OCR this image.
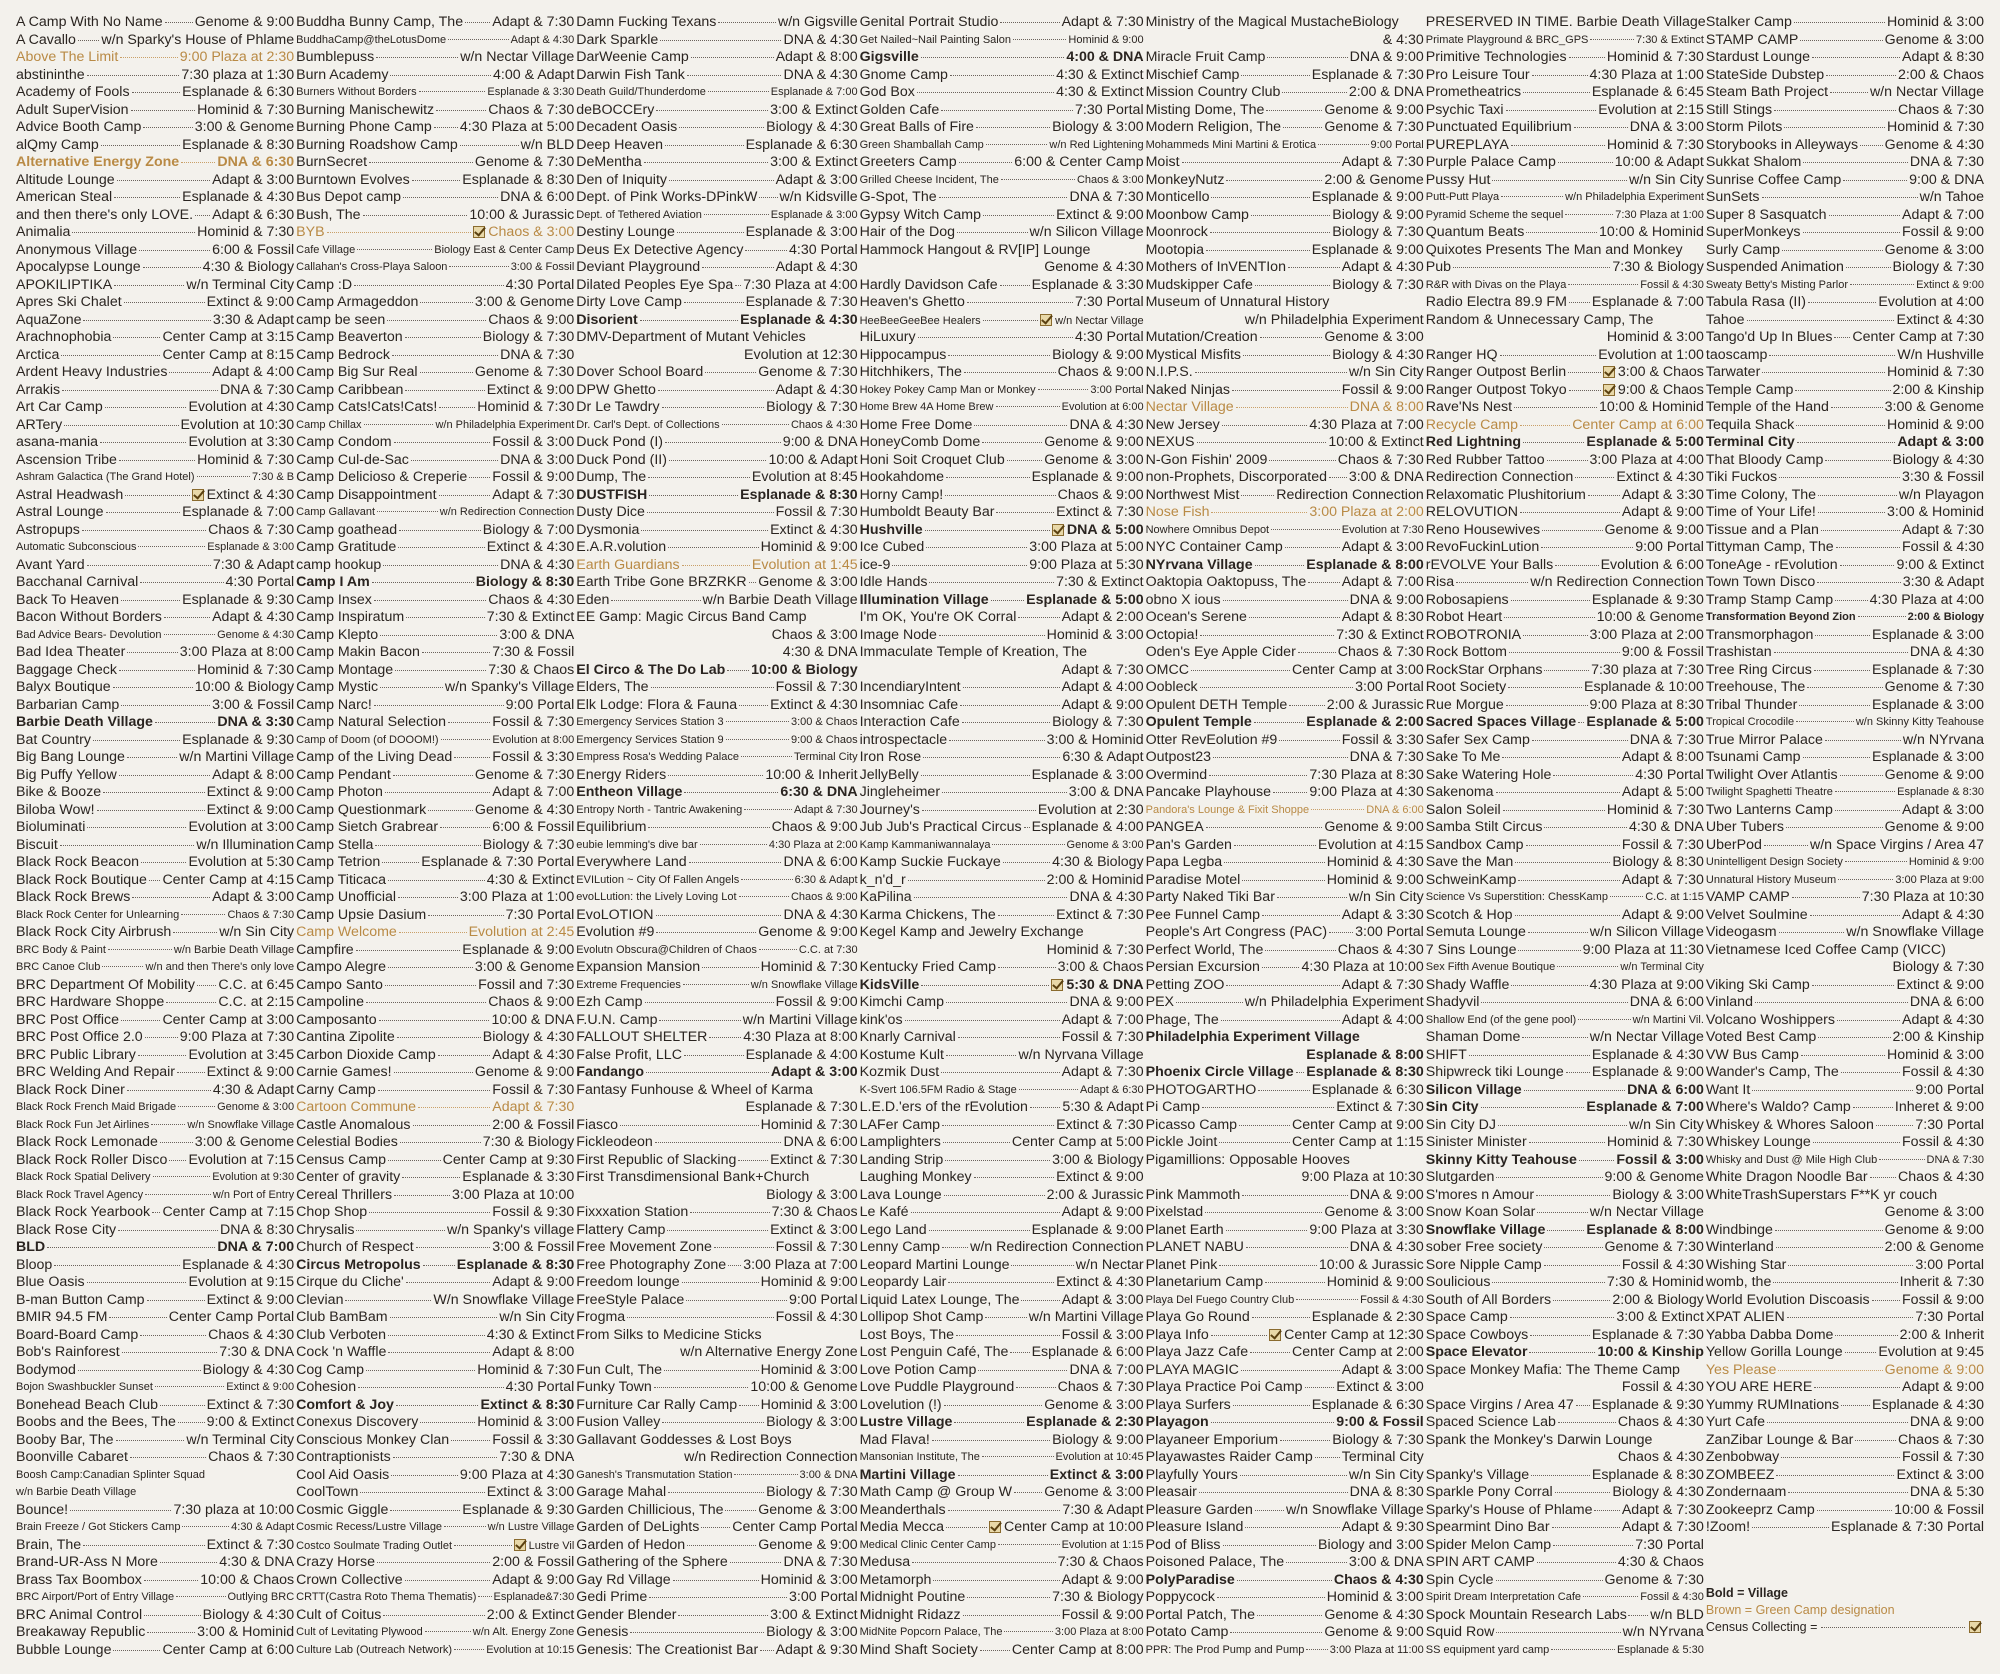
A Camp With No Name Genome & 9:00
A Cavallo w/n Sparky's House of Phlame
Above The Limit	9:00 Plaza at 2:30
abstininthe	7:30 plaza at 1:30
Academy of Fools	Esplanade & 6:30
Adult SuperVision	Hominid & 7:30
Advice Booth Camp	3:00 & Genome
alQmy Camp	Esplanade & 8:30
Alternative Energy Zone	DNA & 6:30
Altitude Lounge	Adapt & 3:00
American Steal	Esplanade & 4:30
and then there's only LOVE. Adapt & 6:30
Animalia	Hominid & 7:30
Anonymous Village	6:00 & Fossil
Apocalypse Lounge	4:30 & Biology
APOKILIPTIKA	w/n Terminal City
Apres Ski Chalet	Extinct & 9:00
AquaZone	3:30 & Adapt
Arachnophobia	Center Camp at 3:15
Arctica	Center Camp at 8:15
Ardent Heavy Industries	Adapt & 4:00
Arrakis	DNA & 7:30
Art Car Camp	Evolution at 4:30
ARTery	Evolution at 10:30
asana-mania	Evolution at 3:30
Ascension Tribe	Hominid & 7:30
Ashram Galactica (The Grand Hotel)	7:30 & B
Astral Headwash	Extinct & 4:30
Astral Lounge	Esplanade & 7:00
Astropups	Chaos & 7:30
Automatic Subconscious	Esplanade & 3:00
Avant Yard	7:30 & Adapt
Bacchanal Carnival	4:30 Portal
Back To Heaven	Esplanade & 9:30
Bacon Without Borders	Adapt & 4:30
Bad Advice Bears- Devolution	Genome & 4:30
Bad Idea Theater	3:00 Plaza at 8:00
Baggage Check	Hominid & 7:30
Balyx Boutique	10:00 & Biology
Barbarian Camp	3:00 & Fossil
Barbie Death Village	DNA & 3:30
Bat Country	Esplanade & 9:30
Big Bang Lounge	w/n Martini Village
Big Puffy Yellow	Adapt & 8:00
Bike & Booze	Extinct & 9:00
Biloba Wow!	Extinct & 9:00
Bioluminati	Evolution at 3:00
Biscuit	w/n Illumination
Black Rock Beacon	Evolution at 5:30
Black Rock Boutique Center Camp at 4:15
Black Rock Brews	Adapt & 3:00
Black Rock Center for Unlearning	Chaos & 7:30
Black Rock City Airbrush	w/n Sin City
BRC Body & Paint	w/n Barbie Death Village
BRC Canoe Club	w/n and then There's only love
BRC Department Of Mobility C.C. at 6:45
BRC Hardware Shoppe	C.C. at 2:15
BRC Post Office	Center Camp at 3:00
BRC Post Office 2.0	9:00 Plaza at 7:30
BRC Public Library	Evolution at 3:45
BRC Welding And Repair Extinct & 9:00
Black Rock Diner	4:30 & Adapt
Black Rock French Maid Brigade	Genome & 3:00
Black Rock Fun Jet Airlines	w/n Snowflake Village
Black Rock Lemonade	3:00 & Genome
Black Rock Roller Disco Evolution at 7:15
Black Rock Spatial Delivery	Evolution at 9:30
Black Rock Travel Agency	w/n Port of Entry
Black Rock Yearbook Center Camp at 7:15
Black Rose City	DNA & 8:30
BLD	DNA & 7:00
Bloop	Esplanade & 4:30
Blue Oasis	Evolution at 9:15
B-man Button Camp	Extinct & 9:00
BMIR 94.5 FM	Center Camp Portal
Board-Board Camp	Chaos & 4:30
Bob's Rainforest	7:30 & DNA
Bodymod	Biology & 4:30
Bojon Swashbuckler Sunset	Extinct & 9:00
Bonehead Beach Club	Extinct & 7:30
Boobs and the Bees, The 9:00 & Extinct
Booby Bar, The	w/n Terminal City
Boonville Cabaret	Chaos & 7:30
Boosh Camp:Canadian Splinter Squad
w/n Barbie Death Village
Bounce!	7:30 plaza at 10:00
Brain Freeze / Got Stickers Camp	4:30 & Adapt
Brain, The	Extinct & 7:30
Brand-UR-Ass N More	4:30 & DNA
Brass Tax Boombox	10:00 & Chaos
BRC Airport/Port of Entry Village	Outlying BRC
BRC Animal Control	Biology & 4:30
Breakaway Republic	3:00 & Hominid
Bubble Lounge	Center Camp at 6:00
Buddha Bunny Camp, The Adapt & 7:30
BuddhaCamp@theLotusDome	Adapt & 4:30
Bumblepuss	w/n Nectar Village
Burn Academy	4:00 & Adapt
Burners Without Borders	Esplanade & 3:30
Burning Manischewitz	Chaos & 7:30
Burning Phone Camp 4:30 Plaza at 5:00
Burning Roadshow Camp	w/n BLD
BurnSecret	Genome & 7:30
Burntown Evolves	Esplanade & 8:30
Bus Depot camp	DNA & 6:00
Bush, The	10:00 & Jurassic
BYB	Chaos & 3:00
Cafe Village	Biology East & Center Camp
Callahan's Cross-Playa Saloon	3:00 & Fossil
Camp :D	4:30 Portal
Camp Armageddon	3:00 & Genome
camp be seen	Chaos & 9:00
Camp Beaverton	Biology & 7:30
Camp Bedrock	DNA & 7:30
Camp Big Sur Real	Genome & 7:30
Camp Caribbean	Extinct & 9:00
Camp Cats!Cats!Cats!	Hominid & 7:30
Camp Chillax	w/n Philadelphia Experiment
Camp Condom	Fossil & 3:00
Camp Cul-de-Sac	DNA & 3:00
Camp Delicioso & Creperie Fossil & 9:00
Camp Disappointment	Adapt & 7:30
Camp Gallavant	w/n Redirection Connection
Camp goathead	Biology & 7:00
Camp Gratitude	Extinct & 4:30
camp hookup	DNA & 4:30
Camp I Am	Biology & 8:30
Camp Insex	Chaos & 4:30
Camp Inspiratum	7:30 & Extinct
Camp Klepto	3:00 & DNA
Camp Makin Bacon	7:30 & Fossil
Camp Montage	7:30 & Chaos
Camp Mystic	w/n Spanky's Village
Camp Narc!	9:00 Portal
Camp Natural Selection	Fossil & 7:30
Camp of Doom (of DOOOM!)	Evolution at 8:00
Camp of the Living Dead	Fossil & 3:30
Camp Pendant	Genome & 7:30
Camp Photon	Adapt & 7:00
Camp Questionmark	Genome & 4:30
Camp Sietch Grabrear	6:00 & Fossil
Camp Stella	Biology & 7:30
Camp Tetrion	Esplanade & 7:30 Portal
Camp Titicaca	4:30 & Extinct
Camp Unofficial	3:00 Plaza at 1:00
Camp Upsie Dasium	7:30 Portal
Camp Welcome	Evolution at 2:45
Campfire	Esplanade & 9:00
Campo Alegre	3:00 & Genome
Campo Santo	Fossil and 7:30
Campoline	Chaos & 9:00
Camposanto	10:00 & DNA
Cantina Zipolite	Biology & 4:30
Carbon Dioxide Camp	Adapt & 4:30
Carnie Games!	Genome & 9:00
Carny Camp	Fossil & 7:30
Cartoon Commune	Adapt & 7:30
Castle Anomalous	2:00 & Fossil
Celestial Bodies	7:30 & Biology
Census Camp	Center Camp at 9:30
Center of gravity	Esplanade & 3:30
Cereal Thrillers	3:00 Plaza at 10:00
Chop Shop	Fossil & 9:30
Chrysalis	w/n Spanky's village
Church of Respect	3:00 & Fossil
Circus Metropolus	Esplanade & 8:30
Cirque du Cliche'	Adapt & 9:00
Clevian	W/n Snowflake Village
Club BamBam	w/n Sin City
Club Verboten	4:30 & Extinct
Cock 'n Waffle	Adapt & 8:00
Cog Camp	Hominid & 7:30
Cohesion	4:30 Portal
Comfort & Joy	Extinct & 8:30
Conexus Discovery	Hominid & 3:00
Conscious Monkey Clan	Fossil & 3:30
Contraptionists	7:30 & DNA
Cool Aid Oasis	9:00 Plaza at 4:30
CoolTown	Extinct & 3:00
Cosmic Giggle	Esplanade & 9:30
Cosmic Recess/Lustre Village	w/n Lustre Village
Costco Soulmate Trading Outlet	Lustre Vil
Crazy Horse	2:00 & Fossil
Crown Collective	Adapt & 9:00
CRTT(Castra Roto Thema Thematis) Esplanade&7:30
Cult of Coitus	2:00 & Extinct
Cult of Levitating Plywood	w/n Alt. Energy Zone
Culture Lab (Outreach Network)	Evolution at 10:15
Damn Fucking Texans	w/n Gigsville
Dark Sparkle	DNA & 4:30
DarWeenie Camp	Adapt & 8:00
Darwin Fish Tank	DNA & 4:30
Death Guild/Thunderdome	Esplanade & 7:00
deBOCCEry	3:00 & Extinct
Decadent Oasis	Biology & 4:30
Deep Heaven	Esplanade & 6:30
DeMentha	3:00 & Extinct
Den of Iniquity	Adapt & 3:00
Dept. of Pink Works-DPinkW w/n Kidsville
Dept. of Tethered Aviation	Esplanade & 3:00
Destiny Lounge	Esplanade & 3:00
Deus Ex Detective Agency	4:30 Portal
Deviant Playground	Adapt & 4:30
Dilated Peoples Eye Spa 7:30 Plaza at 4:00
Dirty Love Camp	Esplanade & 7:30
Disorient	Esplanade & 4:30
DMV-Department of Mutant Vehicles
Evolution at 12:30
Dover School Board	Genome & 7:30
DPW Ghetto	Adapt & 4:30
Dr Le Tawdry	Biology & 7:30
Dr. Carl's Dept. of Collections	Chaos & 4:30
Duck Pond (I)	9:00 & DNA
Duck Pond (II)	10:00 & Adapt
Dump, The	Evolution at 8:45
DUSTFISH	Esplanade & 8:30
Dusty Dice	Fossil & 7:30
Dysmonia	Extinct & 4:30
E.A.R.volution	Hominid & 9:00
Earth Guardians	Evolution at 1:45
Earth Tribe Gone BRZRKR Genome & 3:00
Eden	w/n Barbie Death Village
EE Gamp: Magic Circus Band Camp
Chaos & 3:00
4:30 & DNA
El Circo & The Do Lab 10:00 & Biology
Elders, The	Fossil & 7:30
Elk Lodge: Flora & Fauna Extinct & 4:30
Emergency Services Station 3	3:00 & Chaos
Emergency Services Station 9	9:00 & Chaos
Empress Rosa's Wedding Palace	Terminal City
Energy Riders	10:00 & Inherit
Entheon Village	6:30 & DNA
Entropy North - Tantric Awakening	Adapt & 7:30
Equilibrium	Chaos & 9:00
eubie lemming's dive bar	4:30 Plaza at 2:00
Everywhere Land	DNA & 6:00
EVILution ~ City Of Fallen Angels	6:30 & Adapt
evoLLution: the Lively Loving Lot	Chaos & 9:00
EvoLOTION	DNA & 4:30
Evolution #9	Genome & 9:00
Evolutn Obscura@Children of Chaos	C.C. at 7:30
Expansion Mansion	Hominid & 7:30
Extreme Frequencies	w/n Snowflake Village
Ezh Camp	Fossil & 9:00
F.U.N. Camp	w/n Martini Village
FALLOUT SHELTER	4:30 Plaza at 8:00
False Profit, LLC	Esplanade & 4:00
Fandango	Adapt & 3:00
Fantasy Funhouse & Wheel of Karma
Esplanade & 7:30
Fiasco	Hominid & 7:30
Fickleodeon	DNA & 6:00
First Republic of Slacking Extinct & 7:30
First Transdimensional Bank+Church
Biology & 3:00
Fixxxation Station	7:30 & Chaos
Flattery Camp	Extinct & 3:00
Free Movement Zone	Fossil & 7:30
Free Photography Zone 3:00 Plaza at 7:00
Freedom lounge	Hominid & 9:00
FreeStyle Palace	9:00 Portal
Frogma	Fossil & 4:30
From Silks to Medicine Sticks
w/n Alternative Energy Zone
Fun Cult, The	Hominid & 3:00
Funky Town	10:00 & Genome
Furniture Car Rally Camp Hominid & 3:00
Fusion Valley	Biology & 3:00
Gallavant Goddesses & Lost Boys
w/n Redirection Connection
Ganesh's Transmutation Station	3:00 & DNA
Garage Mahal	Biology & 7:30
Garden Chillicious, The Genome & 3:00
Garden of DeLights Center Camp Portal
Garden of Hedon	Genome & 9:00
Gathering of the Sphere	DNA & 7:30
Gay Rd Village	Hominid & 3:00
Gedi Prime	3:00 Portal
Gender Blender	3:00 & Extinct
Genesis	Biology & 3:00
Genesis: The Creationist Bar Adapt & 9:30
Genital Portrait Studio	Adapt & 7:30
Get Nailed~Nail Painting Salon	Hominid & 9:00
Gigsville	4:00 & DNA
Gnome Camp	4:30 & Extinct
God Box	4:30 & Extinct
Golden Cafe	7:30 Portal
Great Balls of Fire	Biology & 3:00
Green Shamballah Camp	w/n Red Lightening
Greeters Camp	6:00 & Center Camp
Grilled Cheese Incident, The	Chaos & 3:00
G-Spot, The	DNA & 7:30
Gypsy Witch Camp	Extinct & 9:00
Hair of the Dog	w/n Silicon Village
Hammock Hangout & RV[IP] Lounge
Genome & 4:30
Hardly Davidson Cafe Esplanade & 3:30
Heaven's Ghetto	7:30 Portal
HeeBeeGeeBee Healers	w/n Nectar Village
HiLuxury	4:30 Portal
Hippocampus	Biology & 9:00
Hitchhikers, The	Chaos & 9:00
Hokey Pokey Camp Man or Monkey	3:00 Portal
Home Brew 4A Home Brew	Evolution at 6:00
Home Free Dome	DNA & 4:30
HoneyComb Dome	Genome & 9:00
Honi Soit Croquet Club	Genome & 3:00
Hookahdome	Esplanade & 9:00
Horny Camp!	Chaos & 9:00
Humboldt Beauty Bar	Extinct & 7:30
Hushville	DNA & 5:00
Ice Cubed	3:00 Plaza at 5:00
ice-9	9:00 Plaza at 5:30
Idle Hands	7:30 & Extinct
Illumination Village	Esplanade & 5:00
I'm OK, You're OK Corral	Adapt & 2:00
Image Node	Hominid & 3:00
Immaculate Temple of Kreation, The
Adapt & 7:30
IncendiaryIntent	Adapt & 4:00
Insomniac Cafe	Adapt & 9:00
Interaction Cafe	Biology & 7:30
introspectacle	3:00 & Hominid
Iron Rose	6:30 & Adapt
JellyBelly	Esplanade & 3:00
Jingleheimer	3:00 & DNA
Journey's	Evolution at 2:30
Jub Jub's Practical Circus Esplanade & 4:00
Kamp Kammaniwannalaya	Genome & 3:00
Kamp Suckie Fuckaye	4:30 & Biology
k_n'd_r	2:00 & Hominid
KaPilina	DNA & 4:30
Karma Chickens, The	Extinct & 7:30
Kegel Kamp and Jewelry Exchange
Hominid & 7:30
Kentucky Fried Camp	3:00 & Chaos
KidsVille	5:30 & DNA
Kimchi Camp	DNA & 9:00
kink'os	Adapt & 7:00
Knarly Carnival	Fossil & 7:30
Kostume Kult	w/n Nyrvana Village
Kozmik Dust	Adapt & 7:30
K-Svert 106.5FM Radio & Stage	Adapt & 6:30
L.E.D.'ers of the rEvolution 5:30 & Adapt
LAFer Camp	Extinct & 7:30
Lamplighters	Center Camp at 5:00
Landing Strip	3:00 & Biology
Laughing Monkey	Extinct & 9:00
Lava Lounge	2:00 & Jurassic
Le Kafé	Adapt & 9:00
Lego Land	Esplanade & 9:00
Lenny Camp w/n Redirection Connection
Leopard Martini Lounge	w/n Nectar
Leopardy Lair	Extinct & 4:30
Liquid Latex Lounge, The	Adapt & 3:00
Lollipop Shot Camp	w/n Martini Village
Lost Boys, The	Fossil & 3:00
Lost Penguin Café, The Esplanade & 6:00
Love Potion Camp	DNA & 7:00
Love Puddle Playground	Chaos & 7:30
Lovelution (!)	Genome & 3:00
Lustre Village	Esplanade & 2:30
Mad Flava!	Biology & 9:00
Mansonian Institute, The	Evolution at 10:45
Martini Village	Extinct & 3:00
Math Camp @ Group W Genome & 3:00
Meanderthals	7:30 & Adapt
Media Mecca	Center Camp at 10:00
Medical Clinic Center Camp	Evolution at 1:15
Medusa	7:30 & Chaos
Metamorph	Adapt & 9:00
Midnight Poutine	7:30 & Biology
Midnight Ridazz	Fossil & 9:00
MidNite Popcorn Palace, The	3:00 Plaza at 8:00
Mind Shaft Society Center Camp at 8:00
Ministry of the Magical MustacheBiology
& 4:30
Miracle Fruit Camp	DNA & 9:00
Mischief Camp	Esplanade & 7:30
Mission Country Club	2:00 & DNA
Misting Dome, The	Genome & 9:00
Modern Religion, The	Genome & 7:30
Mohammeds Mini Martini & Erotica	9:00 Portal
Moist	Adapt & 7:30
MonkeyNutz	2:00 & Genome
Monticello	Esplanade & 9:00
Moonbow Camp	Biology & 9:00
Moonrock	Biology & 7:30
Mootopia	Esplanade & 9:00
Mothers of InVENTIon	Adapt & 4:30
Mudskipper Cafe	Biology & 7:30
Museum of Unnatural History
w/n Philadelphia Experiment
Mutation/Creation	Genome & 3:00
Mystical Misfits	Biology & 4:30
N.I.P.S.	w/n Sin City
Naked Ninjas	Fossil & 9:00
Nectar Village	DNA & 8:00
New Jersey	4:30 Plaza at 7:00
NEXUS	10:00 & Extinct
N-Gon Fishin' 2009	Chaos & 7:30
non-Prophets, Discorporated 3:00 & DNA
Northwest Mist	Redirection Connection
Nose Fish	3:00 Plaza at 2:00
Nowhere Omnibus Depot	Evolution at 7:30
NYC Container Camp	Adapt & 3:00
NYrvana Village	Esplanade & 8:00
Oaktopia Oaktopuss, The Adapt & 7:00
obno X ious	DNA & 9:00
Ocean's Serene	Adapt & 8:30
Octopia!	7:30 & Extinct
Oden's Eye Apple Cider	Chaos & 7:30
OMCC	Center Camp at 3:00
Oobleck	3:00 Portal
Opulent DETH Temple	2:00 & Jurassic
Opulent Temple	Esplanade & 2:00
Otter RevEolution #9	Fossil & 3:30
Outpost23	DNA & 7:30
Overmind	7:30 Plaza at 8:30
Pancake Playhouse	9:00 Plaza at 4:30
Pandora's Lounge & Fixit Shoppe	DNA & 6:00
PANGEA	Genome & 9:00
Pan's Garden	Evolution at 4:15
Papa Legba	Hominid & 4:30
Paradise Motel	Hominid & 9:00
Party Naked Tiki Bar	w/n Sin City
Pee Funnel Camp	Adapt & 3:30
People's Art Congress (PAC) 3:00 Portal
Perfect World, The	Chaos & 4:30
Persian Excursion	4:30 Plaza at 10:00
Petting ZOO	Adapt & 7:30
PEX	w/n Philadelphia Experiment
Phage, The	Adapt & 4:00
Philadelphia Experiment Village
Esplanade & 8:00
Phoenix Circle Village Esplanade & 8:30
PHOTOGARTHO	Esplanade & 6:30
Pi Camp	Extinct & 7:30
Picasso Camp	Center Camp at 9:00
Pickle Joint	Center Camp at 1:15
Pigamillions: Opposable Hooves
9:00 Plaza at 10:30
Pink Mammoth	DNA & 9:00
Pixelstad	Genome & 3:00
Planet Earth	9:00 Plaza at 3:30
PLANET NABU	DNA & 4:30
Planet Pink	10:00 & Jurassic
Planetarium Camp	Hominid & 9:00
Playa Del Fuego Country Club	Fossil & 4:30
Playa Go Round	Esplanade & 2:30
Playa Info	Center Camp at 12:30
Playa Jazz Cafe	Center Camp at 2:00
PLAYA MAGIC	Adapt & 3:00
Playa Practice Poi Camp Extinct & 3:00
Playa Surfers	Esplanade & 6:30
Playagon	9:00 & Fossil
Playaneer Emporium	Biology & 7:30
Playawastes Raider Camp Terminal City
Playfully Yours	w/n Sin City
Pleasair	DNA & 8:30
Pleasure Garden w/n Snowflake Village
Pleasure Island	Adapt & 9:30
Pod of Bliss	Biology and 3:00
Poisoned Palace, The	3:00 & DNA
PolyParadise	Chaos & 4:30
Poppycock	Hominid & 3:00
Portal Patch, The	Genome & 4:30
Potato Camp	Genome & 9:00
PPR: The Prod Pump and Pump 3:00 Plaza at 11:00
PRESERVED IN TIME. Barbie Death Village
Primate Playground & BRC_GPS	7:30 & Extinct
Primitive Technologies	Hominid & 7:30
Pro Leisure Tour	4:30 Plaza at 1:00
Prometheatrics	Esplanade & 6:45
Psychic Taxi	Evolution at 2:15
Punctuated Equilibrium	DNA & 3:00
PUREPLAYA	Hominid & 7:30
Purple Palace Camp	10:00 & Adapt
Pussy Hut	w/n Sin City
Putt-Putt Playa	w/n Philadelphia Experiment
Pyramid Scheme the sequel	7:30 Plaza at 1:00
Quantum Beats	10:00 & Hominid
Quixotes Presents The Man and Monkey
Pub	7:30 & Biology
R&R with Divas on the Playa	Fossil & 4:30
Radio Electra 89.9 FM Esplanade & 7:00
Random & Unnecessary Camp, The
Hominid & 3:00
Ranger HQ	Evolution at 1:00
Ranger Outpost Berlin	3:00 & Chaos
Ranger Outpost Tokyo	9:00 & Chaos
Rave'Ns Nest	10:00 & Hominid
Recycle Camp	Center Camp at 6:00
Red Lightning	Esplanade & 5:00
Red Rubber Tattoo	3:00 Plaza at 4:00
Redirection Connection	Extinct & 4:30
Relaxomatic Plushitorium	Adapt & 3:30
RELOVUTION	Adapt & 9:00
Reno Housewives	Genome & 9:00
RevoFuckinLution	9:00 Portal
rEVOLVE Your Balls	Evolution & 6:00
Risa	w/n Redirection Connection
Robosapiens	Esplanade & 9:30
Robot Heart	10:00 & Genome
ROBOTRONIA	3:00 Plaza at 2:00
Rock Bottom	9:00 & Fossil
RockStar Orphans	7:30 plaza at 7:30
Root Society	Esplanade & 10:00
Rue Morgue	9:00 Plaza at 8:30
Sacred Spaces Village Esplanade & 5:00
Safer Sex Camp	DNA & 7:30
Sake To Me	Adapt & 8:00
Sake Watering Hole	4:30 Portal
Sakenoma	Adapt & 5:00
Salon Soleil	Hominid & 7:30
Samba Stilt Circus	4:30 & DNA
Sandbox Camp	Fossil & 7:30
Save the Man	Biology & 8:30
SchweinKamp	Adapt & 7:30
Science Vs Superstition: ChessKamp	C.C. at 1:15
Scotch & Hop	Adapt & 9:00
Semuta Lounge	w/n Silicon Village
7 Sins Lounge	9:00 Plaza at 11:30
Sex Fifth Avenue Boutique	w/n Terminal City
Shady Waffle	4:30 Plaza at 9:00
Shadyvil	DNA & 6:00
Shallow End (of the gene pool)	w/n Martini Vil.
Shaman Dome	w/n Nectar Village
SHIFT	Esplanade & 4:30
Shipwreck tiki Lounge Esplanade & 9:00
Silicon Village	DNA & 6:00
Sin City	Esplanade & 7:00
Sin City DJ	w/n Sin City
Sinister Minister	Hominid & 7:30
Skinny Kitty Teahouse	Fossil & 3:00
Slutgarden	9:00 & Genome
S'mores n Amour	Biology & 3:00
Snow Koan Solar	w/n Nectar Village
Snowflake Village	Esplanade & 8:00
sober Free society	Genome & 7:30
Sore Nipple Camp	Fossil & 4:30
Soulicious	7:30 & Hominid
South of All Borders	2:00 & Biology
Space Camp	3:00 & Extinct
Space Cowboys	Esplanade & 7:30
Space Elevator	10:00 & Kinship
Space Monkey Mafia: The Theme Camp
Fossil & 4:30
Space Virgins / Area 47 Esplanade & 9:30
Spaced Science Lab	Chaos & 4:30
Spank the Monkey's Darwin Lounge
Chaos & 4:30
Spanky's Village	Esplanade & 8:30
Sparkle Pony Corral	Biology & 4:30
Sparky's House of Phlame Adapt & 7:30
Spearmint Dino Bar	Adapt & 7:30
Spider Melon Camp	7:30 Portal
SPIN ART CAMP	4:30 & Chaos
Spin Cycle	Genome & 7:30
Spirit Dream Interpretation Cafe	Fossil & 4:30
Spock Mountain Research Labs w/n BLD
Squid Row	w/n NYrvana
SS equipment yard camp	Esplanade & 5:30
Stalker Camp	Hominid & 3:00
STAMP CAMP	Genome & 3:00
Stardust Lounge	Adapt & 8:30
StateSide Dubstep	2:00 & Chaos
Steam Bath Project	w/n Nectar Village
Still Stings	Chaos & 7:30
Storm Pilots	Hominid & 7:30
Storybooks in Alleyways Genome & 4:30
Sukkat Shalom	DNA & 7:30
Sunrise Coffee Camp	9:00 & DNA
SunSets	w/n Tahoe
Super 8 Sasquatch	Adapt & 7:00
SuperMonkeys	Fossil & 9:00
Surly Camp	Genome & 3:00
Suspended Animation	Biology & 7:30
Sweaty Betty's Misting Parlor	Extinct & 9:00
Tabula Rasa (II)	Evolution at 4:00
Tahoe	Extinct & 4:30
Tango'd Up In Blues Center Camp at 7:30
taoscamp	W/n Hushville
Tarwater	Hominid & 7:30
Temple Camp	2:00 & Kinship
Temple of the Hand	3:00 & Genome
Tequila Shack	Hominid & 9:00
Terminal City	Adapt & 3:00
That Bloody Camp	Biology & 4:30
Tiki Fuckos	3:30 & Fossil
Time Colony, The	w/n Playagon
Time of Your Life!	3:00 & Hominid
Tissue and a Plan	Adapt & 7:30
Tittyman Camp, The	Fossil & 4:30
ToneAge - rEvolution	9:00 & Extinct
Town Town Disco	3:30 & Adapt
Tramp Stamp Camp	4:30 Plaza at 4:00
Transformation Beyond Zion	2:00 & Biology
Transmorphagon	Esplanade & 3:00
Trashistan	DNA & 4:30
Tree Ring Circus	Esplanade & 7:30
Treehouse, The	Genome & 7:30
Tribal Thunder	Esplanade & 3:00
Tropical Crocodile	w/n Skinny Kitty Teahouse
True Mirror Palace	w/n NYrvana
Tsunami Camp	Esplanade & 3:00
Twilight Over Atlantis	Genome & 9:00
Twilight Spaghetti Theatre	Esplanade & 8:30
Two Lanterns Camp	Adapt & 3:00
Uber Tubers	Genome & 9:00
UberPod	w/n Space Virgins / Area 47
Unintelligent Design Society	Hominid & 9:00
Unnatural History Museum	3:00 Plaza at 9:00
VAMP CAMP	7:30 Plaza at 10:30
Velvet Soulmine	Adapt & 4:30
Videogasm	w/n Snowflake Village
Vietnamese Iced Coffee Camp (VICC)
Biology & 7:30
Viking Ski Camp	Extinct & 9:00
Vinland	DNA & 6:00
Volcano Woshippers	Adapt & 4:30
Voted Best Camp	2:00 & Kinship
VW Bus Camp	Hominid & 3:00
Wander's Camp, The	Fossil & 4:30
Want It	9:00 Portal
Where's Waldo? Camp	Inheret & 9:00
Whiskey & Whores Saloon	7:30 Portal
Whiskey Lounge	Fossil & 4:30
Whisky and Dust @ Mile High Club	DNA & 7:30
White Dragon Noodle Bar Chaos & 4:30
WhiteTrashSuperstars F**K yr couch
Genome & 3:00
Windbinge	Genome & 9:00
Winterland	2:00 & Genome
Wishing Star	3:00 Portal
womb, the	Inherit & 7:30
World Evolution Discoasis Fossil & 9:00
XPAT ALIEN	7:30 Portal
Yabba Dabba Dome	2:00 & Inherit
Yellow Gorilla Lounge	Evolution at 9:45
Yes Please	Genome & 9:00
YOU ARE HERE	Adapt & 9:00
Yummy RUMInations Esplanade & 4:30
Yurt Cafe	DNA & 9:00
ZanZibar Lounge & Bar	Chaos & 7:30
Zenbobway	Fossil & 7:30
ZOMBEEZ	Extinct & 3:00
Zondernaam	DNA & 5:30
Zookeeprz Camp	10:00 & Fossil
!Zoom!	Esplanade & 7:30 Portal
Bold = Village
Brown = Green Camp designation
Census Collecting =
